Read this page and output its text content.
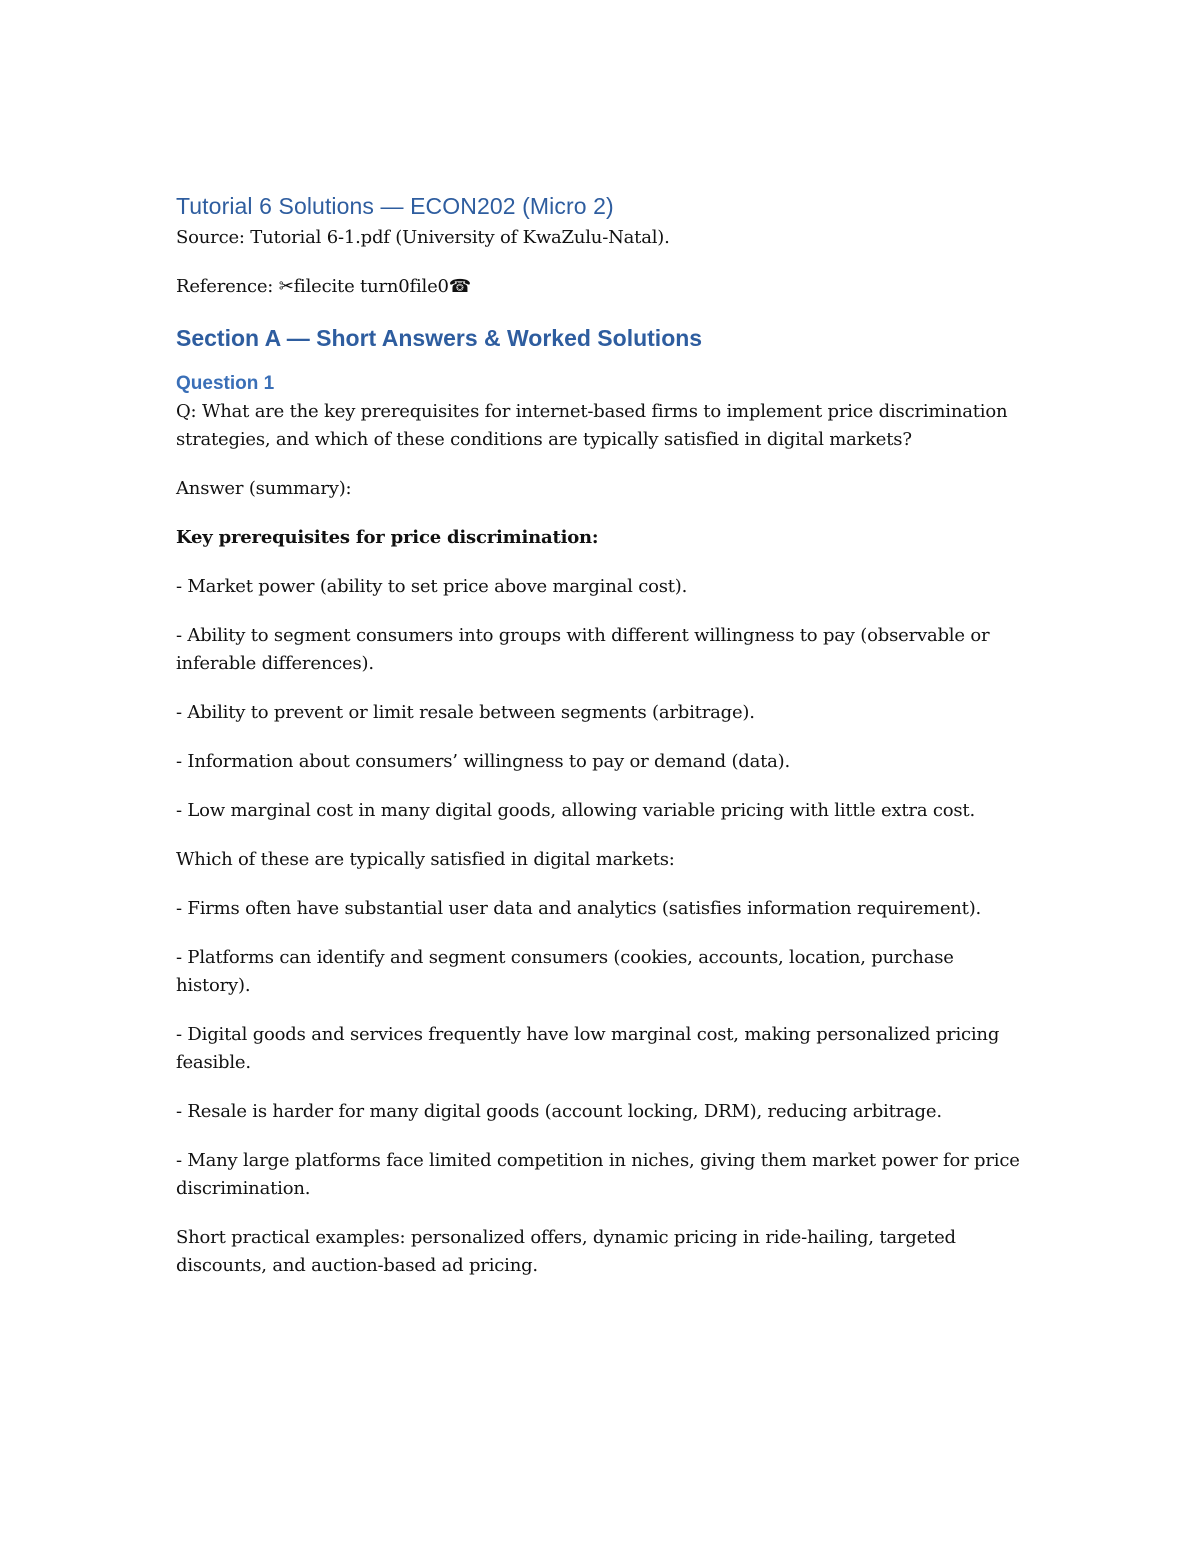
Tutorial 6 Solutions — ECON202 (Micro 2)

Source: Tutorial 6-1.pdf (University of KwaZulu-Natal).

Reference: ✂filecite turn0file0☎

Section A — Short Answers & Worked Solutions
Question 1

Q: What are the key prerequisites for internet-based firms to implement price discrimination strategies, and which of these conditions are typically satisfied in digital markets?

Answer (summary):

Key prerequisites for price discrimination:

- Market power (ability to set price above marginal cost).

- Ability to segment consumers into groups with different willingness to pay (observable or inferable differences).

- Ability to prevent or limit resale between segments (arbitrage).

- Information about consumers’ willingness to pay or demand (data).

- Low marginal cost in many digital goods, allowing variable pricing with little extra cost.

Which of these are typically satisfied in digital markets:

- Firms often have substantial user data and analytics (satisfies information requirement).

- Platforms can identify and segment consumers (cookies, accounts, location, purchase history).

- Digital goods and services frequently have low marginal cost, making personalized pricing feasible.

- Resale is harder for many digital goods (account locking, DRM), reducing arbitrage.

- Many large platforms face limited competition in niches, giving them market power for price discrimination.

Short practical examples: personalized offers, dynamic pricing in ride-hailing, targeted discounts, and auction-based ad pricing.
